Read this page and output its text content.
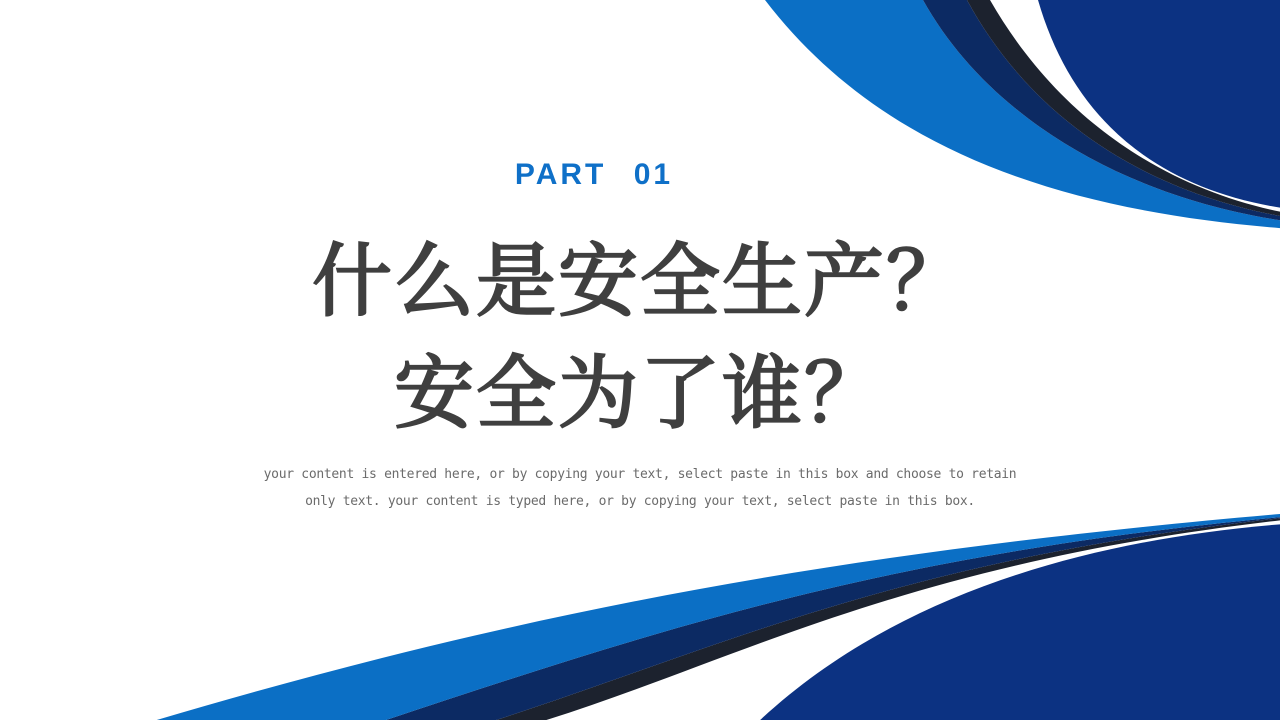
PART 01
什么是安全生产？
安全为了谁？
your content is entered here, or by copying your text, select paste in this box and choose to retain
only text. your content is typed here, or by copying your text, select paste in this box.
